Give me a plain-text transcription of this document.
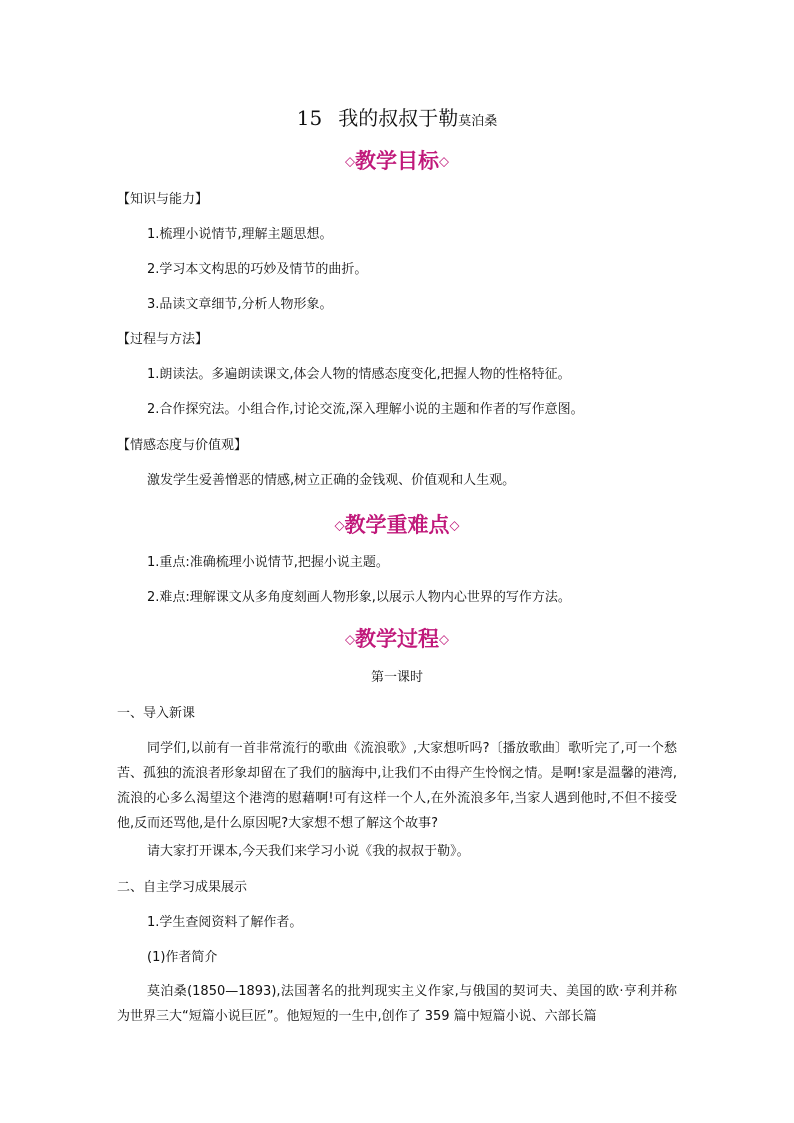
15 我的叔叔于勒莫泊桑
◇教学目标◇
【知识与能力】
1.梳理小说情节,理解主题思想。
2.学习本文构思的巧妙及情节的曲折。
3.品读文章细节,分析人物形象。
【过程与方法】
1.朗读法。多遍朗读课文,体会人物的情感态度变化,把握人物的性格特征。
2.合作探究法。小组合作,讨论交流,深入理解小说的主题和作者的写作意图。
【情感态度与价值观】
激发学生爱善憎恶的情感,树立正确的金钱观、价值观和人生观。
◇教学重难点◇
1.重点:准确梳理小说情节,把握小说主题。
2.难点:理解课文从多角度刻画人物形象,以展示人物内心世界的写作方法。
◇教学过程◇
第一课时
一、导入新课
同学们,以前有一首非常流行的歌曲《流浪歌》,大家想听吗?〔播放歌曲〕歌听完了,可一个愁苦、孤独的流浪者形象却留在了我们的脑海中,让我们不由得产生怜悯之情。是啊!家是温馨的港湾,流浪的心多么渴望这个港湾的慰藉啊!可有这样一个人,在外流浪多年,当家人遇到他时,不但不接受他,反而还骂他,是什么原因呢?大家想不想了解这个故事?
请大家打开课本,今天我们来学习小说《我的叔叔于勒》。
二、自主学习成果展示
1.学生查阅资料了解作者。
(1)作者简介
莫泊桑(1850—1893),法国著名的批判现实主义作家,与俄国的契诃夫、美国的欧·亨利并称为世界三大“短篇小说巨匠”。他短短的一生中,创作了 359 篇中短篇小说、六部长篇
